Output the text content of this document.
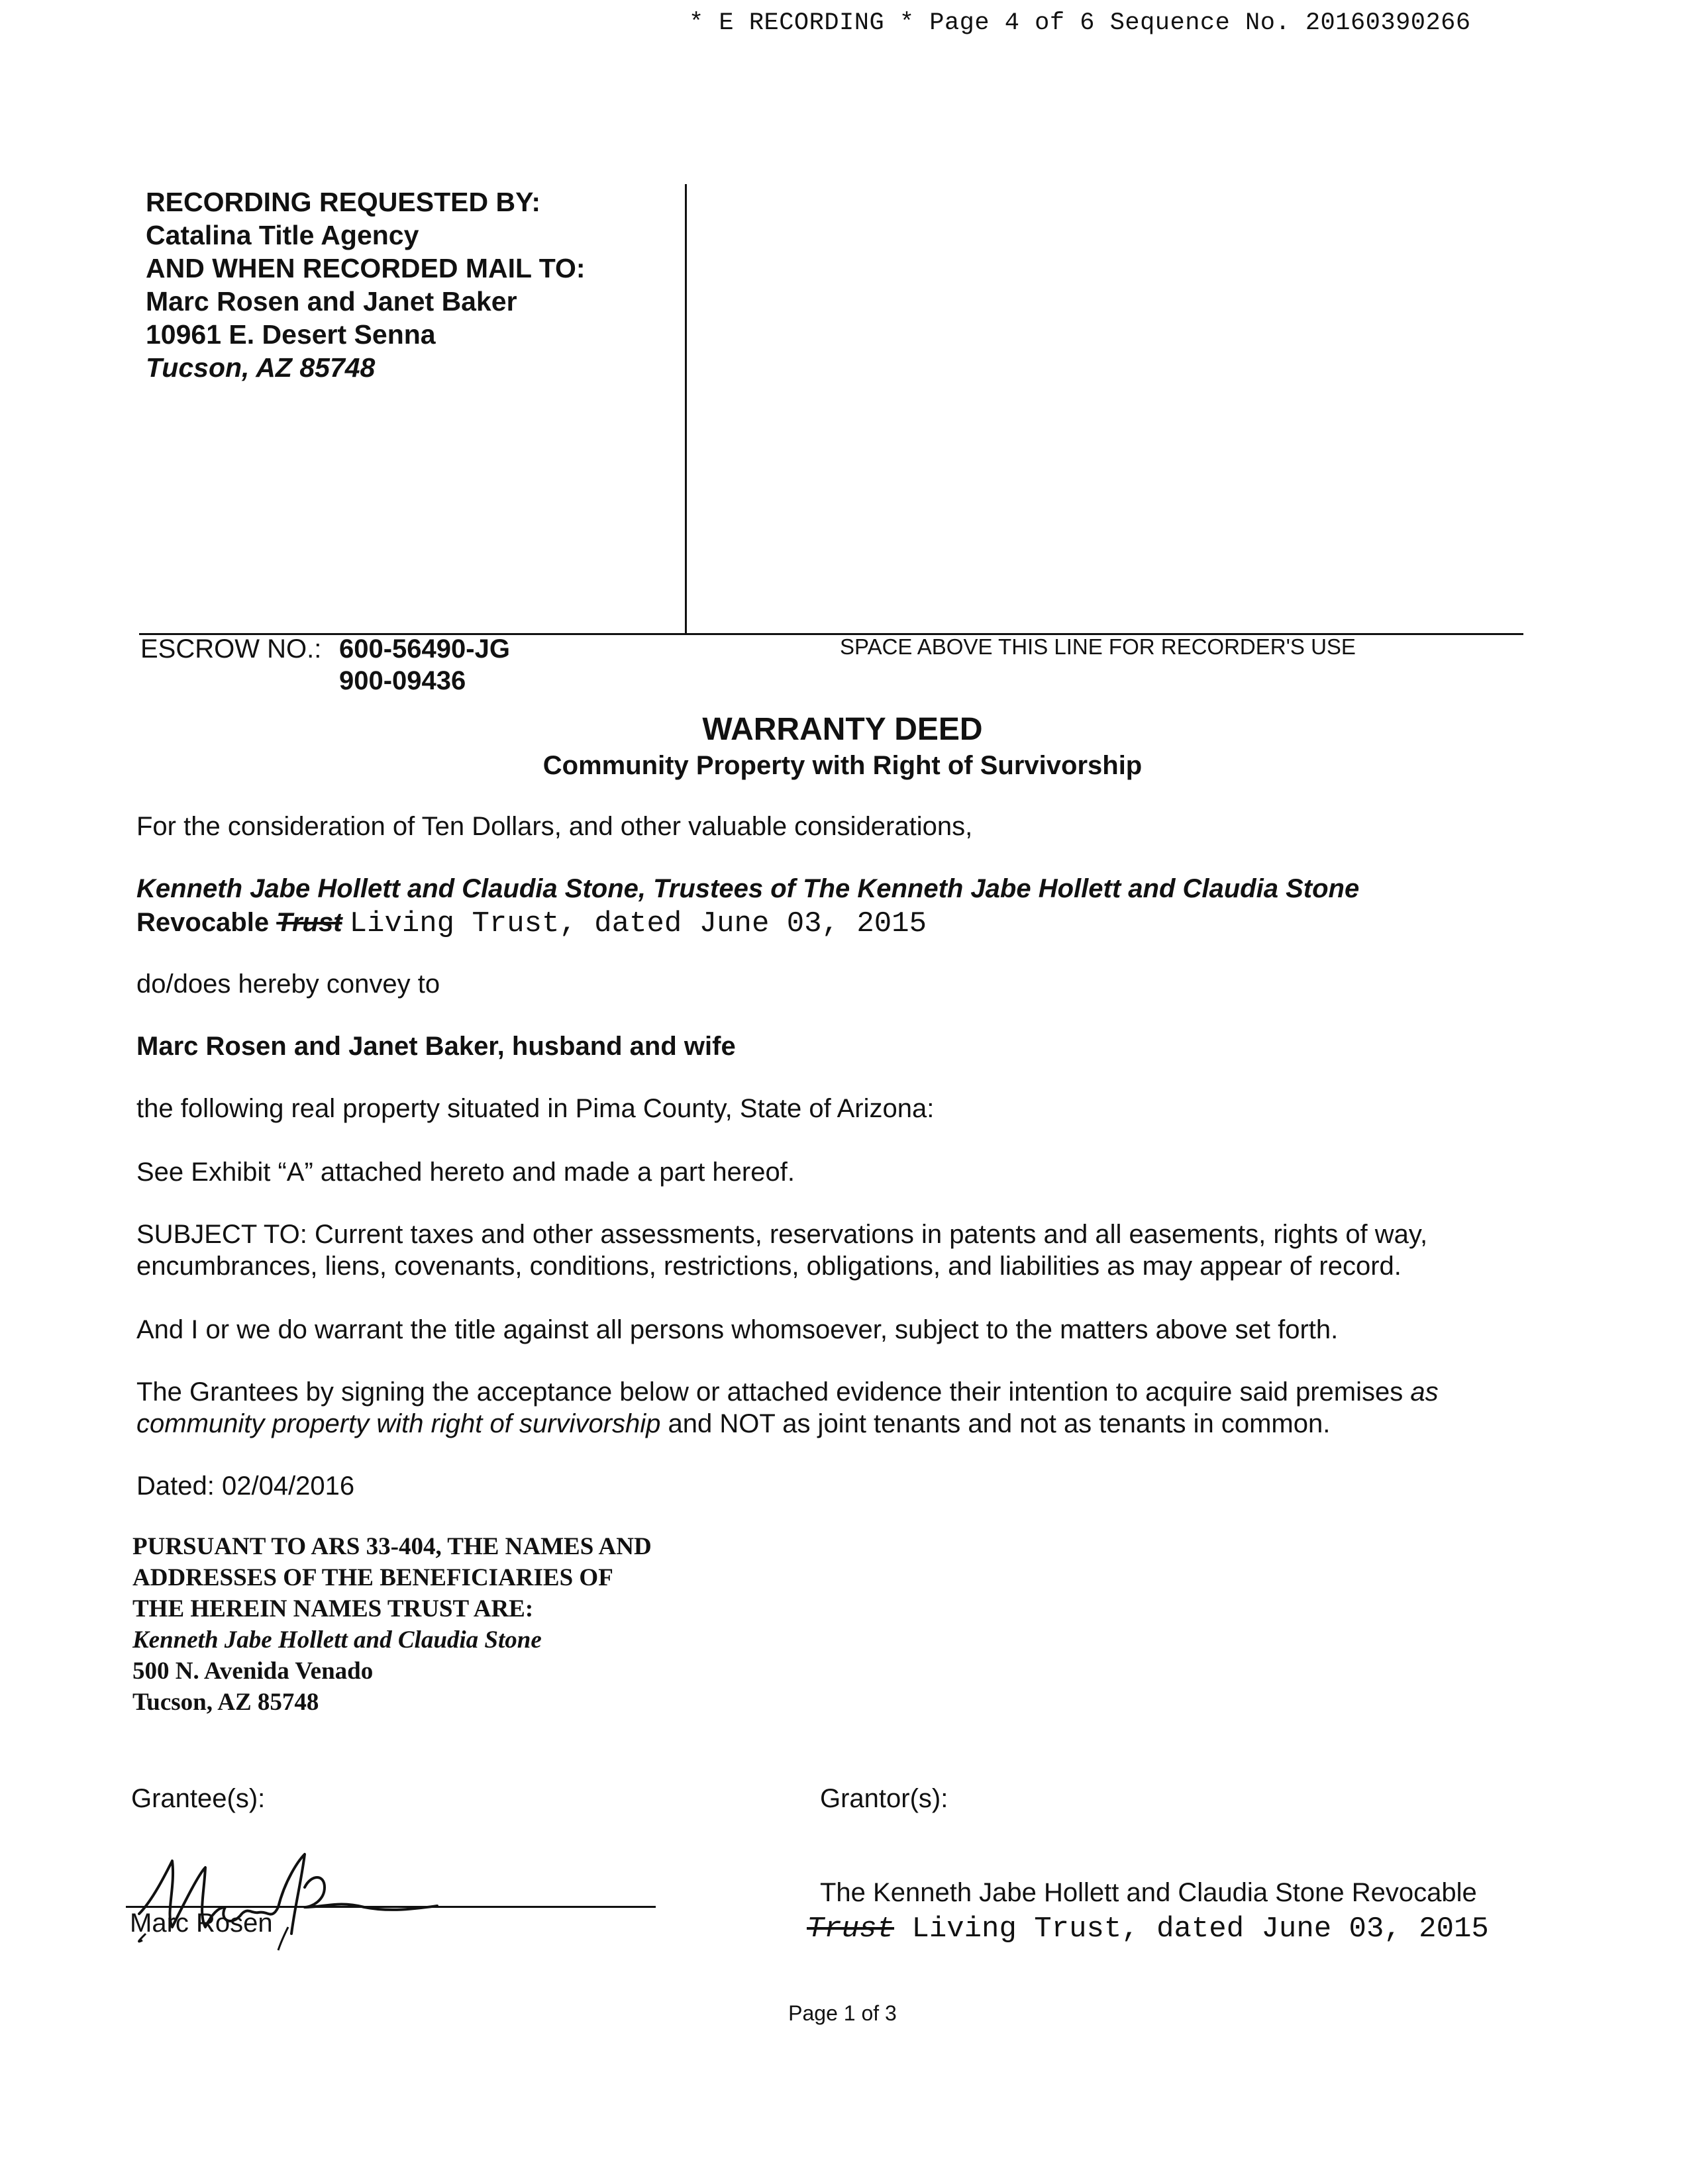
* E RECORDING * Page 4 of 6 Sequence No. 20160390266
RECORDING REQUESTED BY:
Catalina Title Agency
AND WHEN RECORDED MAIL TO:
Marc Rosen and Janet Baker
10961 E. Desert Senna
Tucson, AZ 85748
ESCROW NO.: 600-56490-JG
900-09436
SPACE ABOVE THIS LINE FOR RECORDER'S USE
WARRANTY DEED
Community Property with Right of Survivorship
For the consideration of Ten Dollars, and other valuable considerations,
Kenneth Jabe Hollett and Claudia Stone, Trustees of The Kenneth Jabe Hollett and Claudia Stone
Revocable Trust Living Trust, dated June 03, 2015
do/does hereby convey to
Marc Rosen and Janet Baker, husband and wife
the following real property situated in Pima County, State of Arizona:
See Exhibit “A” attached hereto and made a part hereof.
SUBJECT TO: Current taxes and other assessments, reservations in patents and all easements, rights of way, encumbrances, liens, covenants, conditions, restrictions, obligations, and liabilities as may appear of record.
And I or we do warrant the title against all persons whomsoever, subject to the matters above set forth.
The Grantees by signing the acceptance below or attached evidence their intention to acquire said premises as community property with right of survivorship and NOT as joint tenants and not as tenants in common.
Dated: 02/04/2016
PURSUANT TO ARS 33-404, THE NAMES AND
ADDRESSES OF THE BENEFICIARIES OF
THE HEREIN NAMES TRUST ARE:
Kenneth Jabe Hollett and Claudia Stone
500 N. Avenida Venado
Tucson, AZ 85748
Grantee(s):	Grantor(s):
Marc Rosen
The Kenneth Jabe Hollett and Claudia Stone Revocable
Trust Living Trust, dated June 03, 2015
Page 1 of 3
